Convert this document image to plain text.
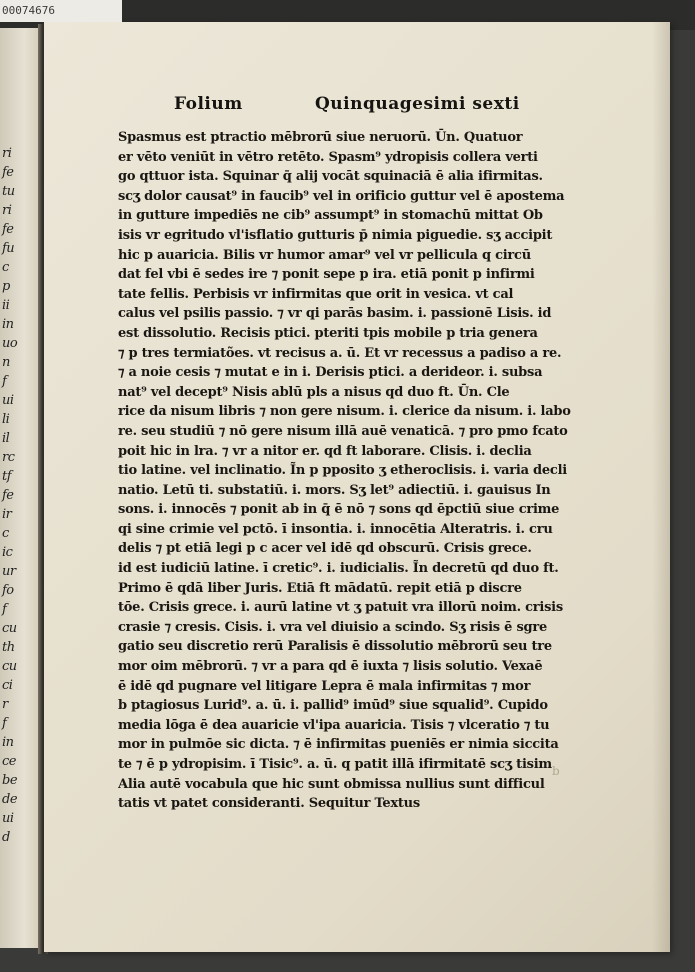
00074676
ri
fe
tu
ri
fe
fu
c
p
ii
in
uo
n
f
ui
li
il
rc
tf
fe
ir
c
ic
ur
fo
f
cu
th
cu
ci
r
f
in
ce
be
de
ui
d
Folium	Quinquagesimi sexti
Spasmus est ptractio mēbrorū siue neruorū. Ūn. Quatuor
er vēto veniūt in vētro retēto. Spasm⁹ ydropisis collera verti
go qttuor ista. Squinar q̄ alij vocāt squinaciā ē alia ifirmitas.
scʒ dolor causat⁹ in faucib⁹ vel in orificio guttur vel ē apostema
in gutture impediēs ne cib⁹ assumpt⁹ in stomachū mittat Ob
isis vr egritudo vl'isflatio gutturis p̄ nimia piguedie. sʒ accipit
hic p auaricia. Bilis vr humor amar⁹ vel vr pellicula q circū
dat fel vbi ē sedes ire ⁊ ponit sepe p ira. etiā ponit p infirmi
tate fellis. Perbisis vr infirmitas que orit in vesica. vt cal
calus vel psilis passio. ⁊ vr qi parās basim. i. passionē Lisis. id
est dissolutio. Recisis ptici. pteriti tpis mobile p tria genera
⁊ p tres termiatões. vt recisus a. ū. Et vr recessus a padiso a re.
⁊ a noie cesis ⁊ mutat e in i. Derisis ptici. a derideor. i. subsa
nat⁹ vel decept⁹ Nisis ablū pls a nisus qd duo ft. Ūn. Cle
rice da nisum libris ⁊ non gere nisum. i. clerice da nisum. i. labo
re. seu studiū ⁊ nō gere nisum illā auē venaticā. ⁊ pro pmo fcato
poit hic in lra. ⁊ vr a nitor er. qd ft laborare. Clisis. i. declia
tio latine. vel inclinatio. Ĩn p pposito ʒ etheroclisis. i. varia decli
natio. Letū ti. substatiū. i. mors. Sʒ let⁹ adiectiū. i. gauisus In
sons. i. innocēs ⁊ ponit ab in q̄ ē nō ⁊ sons qd ēpctiū siue crime
qi sine crimie vel pctō. ī insontia. i. innocētia Alteratris. i. cru
delis ⁊ pt etiā legi p c acer vel idē qd obscurū. Crisis grece.
id est iudiciū latine. ī cretic⁹. i. iudicialis. Ĩn decretū qd duo ft.
Primo ē qdā liber Juris. Etiā ft mādatū. repit etiā p discre
tōe. Crisis grece. i. aurū latine vt ʒ patuit vra illorū noim. crisis
crasie ⁊ cresis. Cisis. i. vra vel diuisio a scindo. Sʒ risis ē sgre
gatio seu discretio rerū Paralisis ē dissolutio mēbrorū seu tre
mor oim mēbrorū. ⁊ vr a para qd ē iuxta ⁊ lisis solutio. Vexaē
ē idē qd pugnare vel litigare Lepra ē mala infirmitas ⁊ mor
b ptagiosus Lurid⁹. a. ū. i. pallid⁹ imūd⁹ siue squalid⁹. Cupido
media lōga ē dea auaricie vl'ipa auaricia. Tisis ⁊ vlceratio ⁊ tu
mor in pulmōe sic dicta. ⁊ ē infirmitas pueniēs er nimia siccita
te ⁊ ē p ydropisim. ī Tisic⁹. a. ū. q patit illā ifirmitatē scʒ tisim
Alia autē vocabula que hic sunt obmissa nullius sunt difficul
tatis vt patet consideranti. Sequitur Textus
b
